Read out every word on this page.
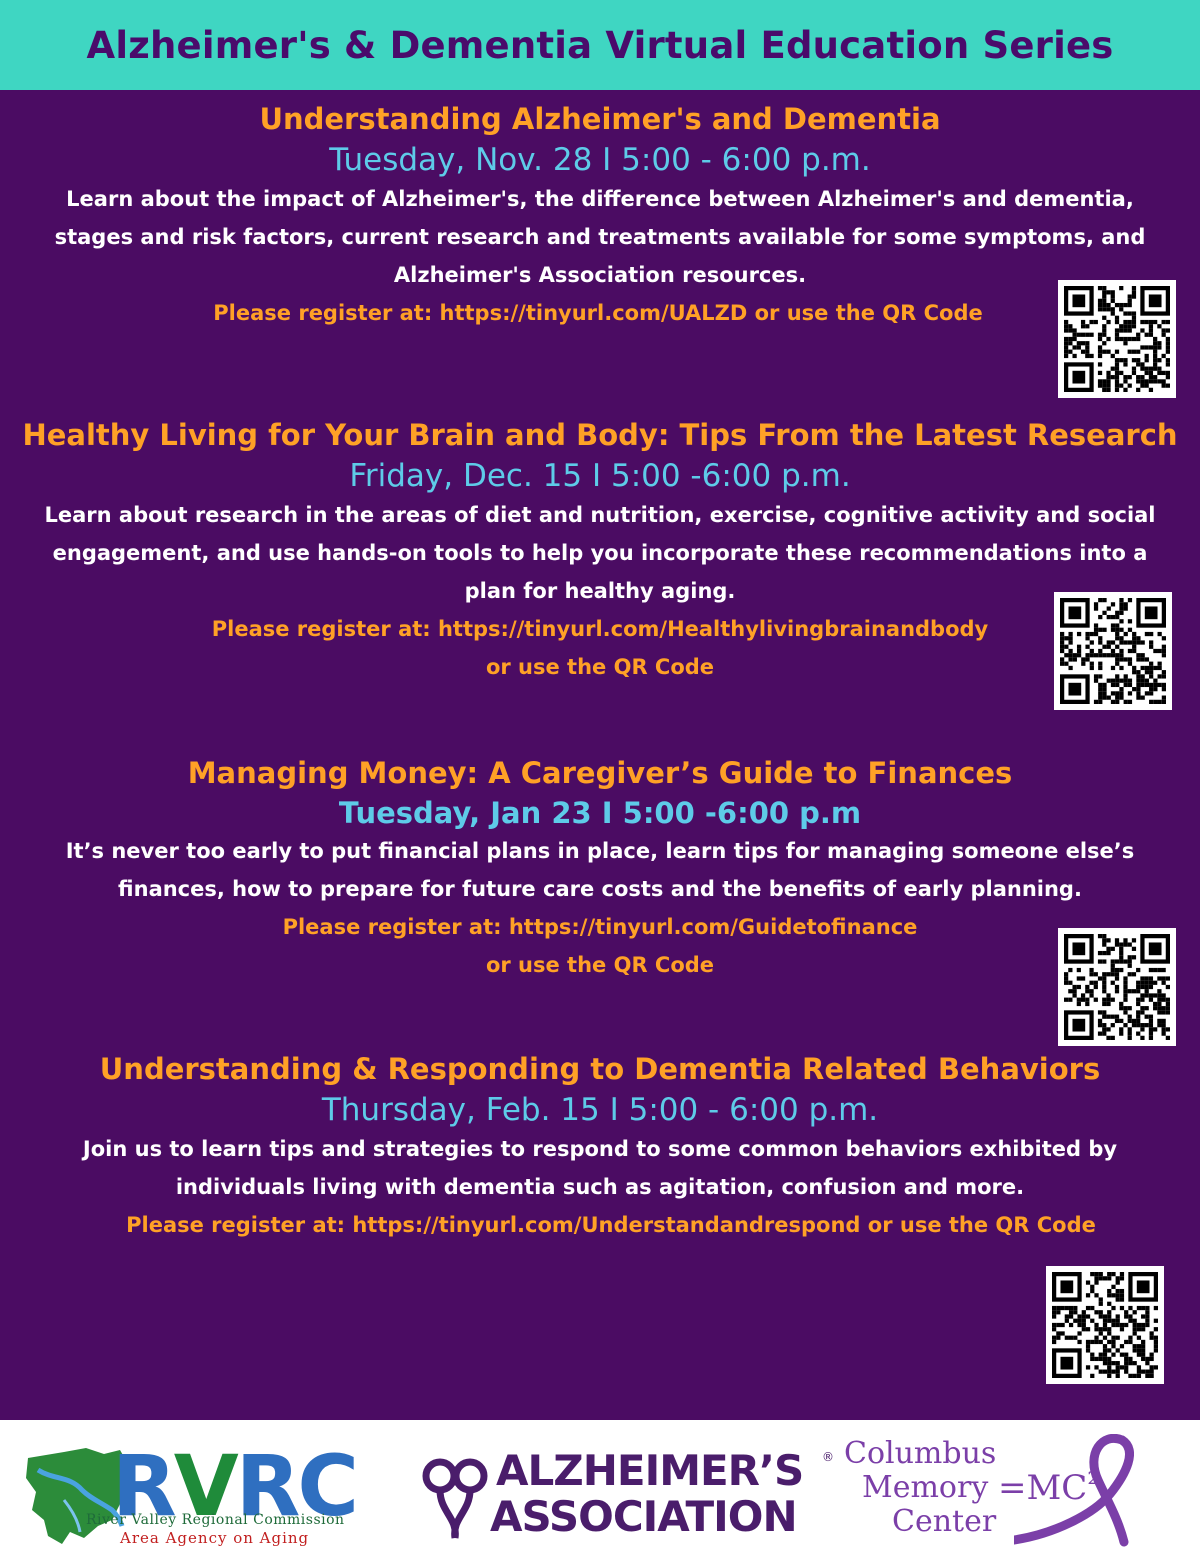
Alzheimer's & Dementia Virtual Education Series
Understanding Alzheimer's and Dementia
Tuesday, Nov. 28 I 5:00 - 6:00 p.m.
Learn about the impact of Alzheimer's, the difference between Alzheimer's and dementia,
stages and risk factors, current research and treatments available for some symptoms, and
Alzheimer's Association resources.
Please register at: https://tinyurl.com/UALZD or use the QR Code
Healthy Living for Your Brain and Body: Tips From the Latest Research
Friday, Dec. 15 I 5:00 -6:00 p.m.
Learn about research in the areas of diet and nutrition, exercise, cognitive activity and social
engagement, and use hands-on tools to help you incorporate these recommendations into a
plan for healthy aging.
Please register at: https://tinyurl.com/Healthylivingbrainandbody
or use the QR Code
Managing Money: A Caregiver’s Guide to Finances
Tuesday, Jan 23 I 5:00 -6:00 p.m
It’s never too early to put financial plans in place, learn tips for managing someone else’s
finances, how to prepare for future care costs and the benefits of early planning.
Please register at: https://tinyurl.com/Guidetofinance
or use the QR Code
Understanding & Responding to Dementia Related Behaviors
Thursday, Feb. 15 I 5:00 - 6:00 p.m.
Join us to learn tips and strategies to respond to some common behaviors exhibited by
individuals living with dementia such as agitation, confusion and more.
Please register at: https://tinyurl.com/Understandandrespond or use the QR Code
RVRC
River Valley Regional Commission
Area Agency on Aging
ALZHEIMER’S
ASSOCIATION
® Columbus
Memory
Center
$=MC^2$
